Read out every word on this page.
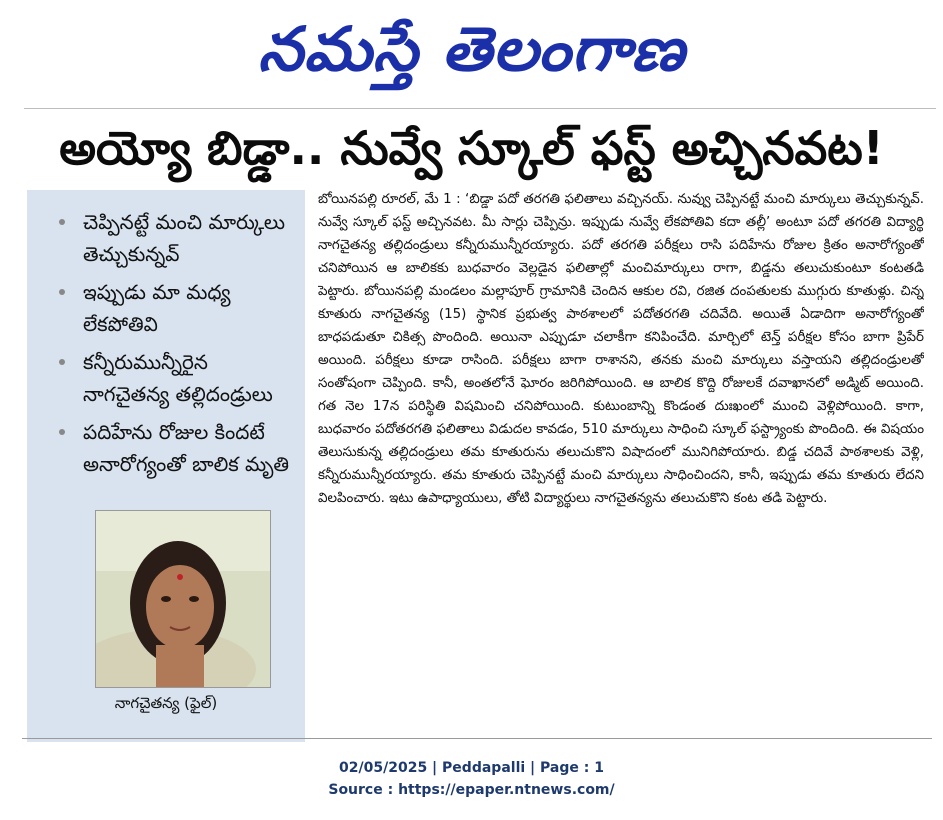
నమస్తే తెలంగాణ
అయ్యో బిడ్డా.. నువ్వే స్కూల్ ఫస్ట్ అచ్చినవట!
చెప్పినట్టే మంచి మార్కులు తెచ్చుకున్నవ్
ఇప్పుడు మా మధ్య లేకపోతివి
కన్నీరుమున్నీరైన నాగచైతన్య తల్లిదండ్రులు
పదిహేను రోజుల కిందటే అనారోగ్యంతో బాలిక మృతి
నాగచైతన్య (ఫైల్)
బోయినపల్లి రూరల్, మే 1 : ‘బిడ్డా పదో తరగతి ఫలితాలు వచ్చినయ్. నువ్వు చెప్పినట్టే మంచి మార్కులు తెచ్చుకున్నవ్. నువ్వే స్కూల్ ఫస్ట్ అచ్చినవట. మీ సార్లు చెప్పిన్రు. ఇప్పుడు నువ్వే లేకపోతివి కదా తల్లీ’ అంటూ పదో తగరతి విద్యార్థి నాగచైతన్య తల్లిదండ్రులు కన్నీరుమున్నీరయ్యారు. పదో తరగతి పరీక్షలు రాసి పదిహేను రోజుల క్రితం అనారోగ్యంతో చనిపోయిన ఆ బాలికకు బుధవారం వెల్లడైన ఫలితాల్లో మంచిమార్కులు రాగా, బిడ్డను తలుచుకుంటూ కంటతడి పెట్టారు. బోయినపల్లి మండలం మల్లాపూర్ గ్రామానికి చెందిన ఆకుల రవి, రజిత దంపతులకు ముగ్గురు కూతుళ్లు. చిన్న కూతురు నాగచైతన్య (15) స్థానిక ప్రభుత్వ పాఠశాలలో పదోతరగతి చదివేది. అయితే ఏడాదిగా అనారోగ్యంతో బాధపడుతూ చికిత్స పొందింది. అయినా ఎప్పుడూ చలాకీగా కనిపించేది. మార్చిలో టెన్త్ పరీక్షల కోసం బాగా ప్రిపేర్ అయింది. పరీక్షలు కూడా రాసింది. పరీక్షలు బాగా రాశానని, తనకు మంచి మార్కులు వస్తాయని తల్లిదండ్రులతో సంతోషంగా చెప్పింది. కానీ, అంతలోనే ఘోరం జరిగిపోయింది. ఆ బాలిక కొద్ది రోజులకే దవాఖానలో అడ్మిట్ అయింది. గత నెల 17న పరిస్థితి విషమించి చనిపోయింది. కుటుంబాన్ని కొండంత దుఃఖంలో ముంచి వెళ్లిపోయింది. కాగా, బుధవారం పదోతరగతి ఫలితాలు విడుదల కావడం, 510 మార్కులు సాధించి స్కూల్ ఫస్ట్ర్యాంకు పొందింది. ఈ విషయం తెలుసుకున్న తల్లిదండ్రులు తమ కూతురును తలుచుకొని విషాదంలో మునిగిపోయారు. బిడ్డ చదివే పాఠశాలకు వెళ్లి, కన్నీరుమున్నీరయ్యారు. తమ కూతురు చెప్పినట్టే మంచి మార్కులు సాధించిందని, కానీ, ఇప్పుడు తమ కూతురు లేదని విలపించారు. ఇటు ఉపాధ్యాయులు, తోటి విద్యార్థులు నాగచైతన్యను తలుచుకొని కంట తడి పెట్టారు.
02/05/2025 | Peddapalli | Page : 1
Source : https://epaper.ntnews.com/
